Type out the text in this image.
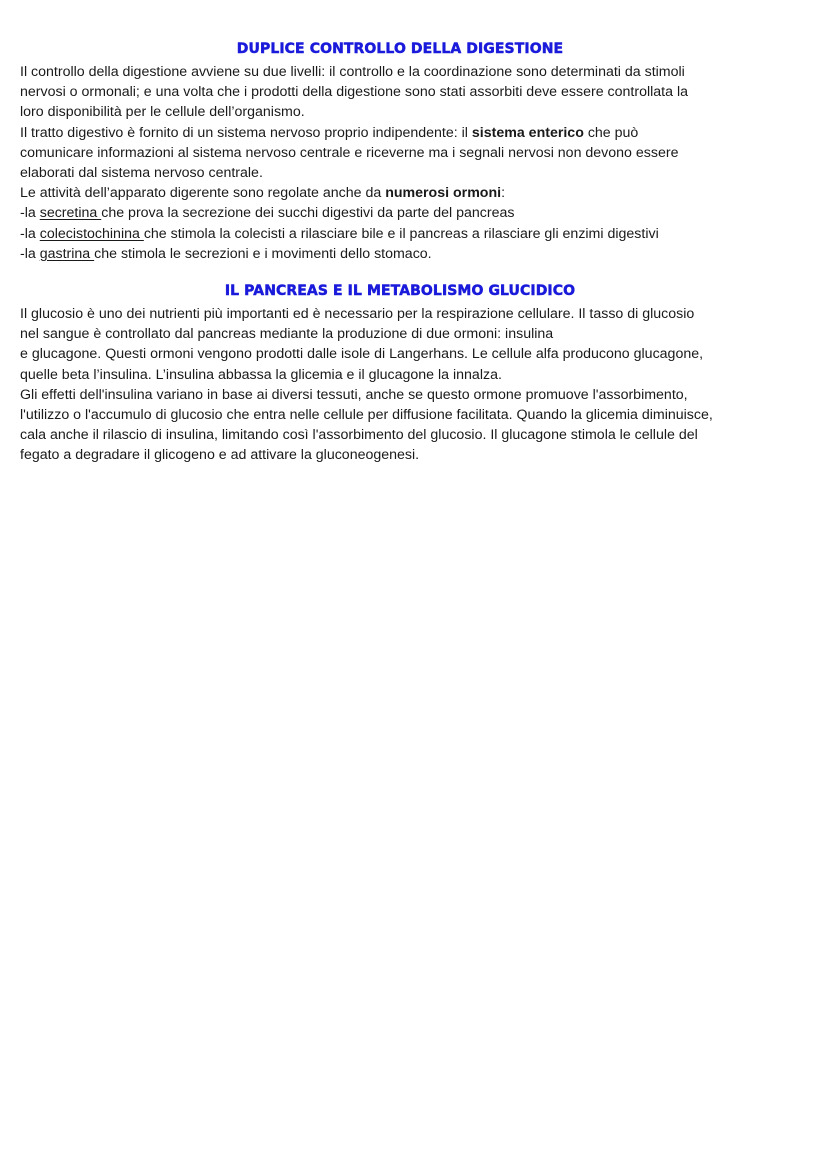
DUPLICE CONTROLLO DELLA DIGESTIONE

Il controllo della digestione avviene su due livelli: il controllo e la coordinazione sono determinati da stimoli

nervosi o ormonali; e una volta che i prodotti della digestione sono stati assorbiti deve essere controllata la

loro disponibilità per le cellule dell’organismo.

Il tratto digestivo è fornito di un sistema nervoso proprio indipendente: il sistema enterico che può

comunicare informazioni al sistema nervoso centrale e riceverne ma i segnali nervosi non devono essere

elaborati dal sistema nervoso centrale.

Le attività dell’apparato digerente sono regolate anche da numerosi ormoni:

-la secretina che prova la secrezione dei succhi digestivi da parte del pancreas

-la colecistochinina che stimola la colecisti a rilasciare bile e il pancreas a rilasciare gli enzimi digestivi

-la gastrina che stimola le secrezioni e i movimenti dello stomaco.

IL PANCREAS E IL METABOLISMO GLUCIDICO

Il glucosio è uno dei nutrienti più importanti ed è necessario per la respirazione cellulare. Il tasso di glucosio

nel sangue è controllato dal pancreas mediante la produzione di due ormoni: insulina

e glucagone. Questi ormoni vengono prodotti dalle isole di Langerhans. Le cellule alfa producono glucagone,

quelle beta l’insulina. L’insulina abbassa la glicemia e il glucagone la innalza.

Gli effetti dell'insulina variano in base ai diversi tessuti, anche se questo ormone promuove l'assorbimento,

l'utilizzo o l'accumulo di glucosio che entra nelle cellule per diffusione facilitata. Quando la glicemia diminuisce,

cala anche il rilascio di insulina, limitando così l'assorbimento del glucosio. Il glucagone stimola le cellule del

fegato a degradare il glicogeno e ad attivare la gluconeogenesi.
